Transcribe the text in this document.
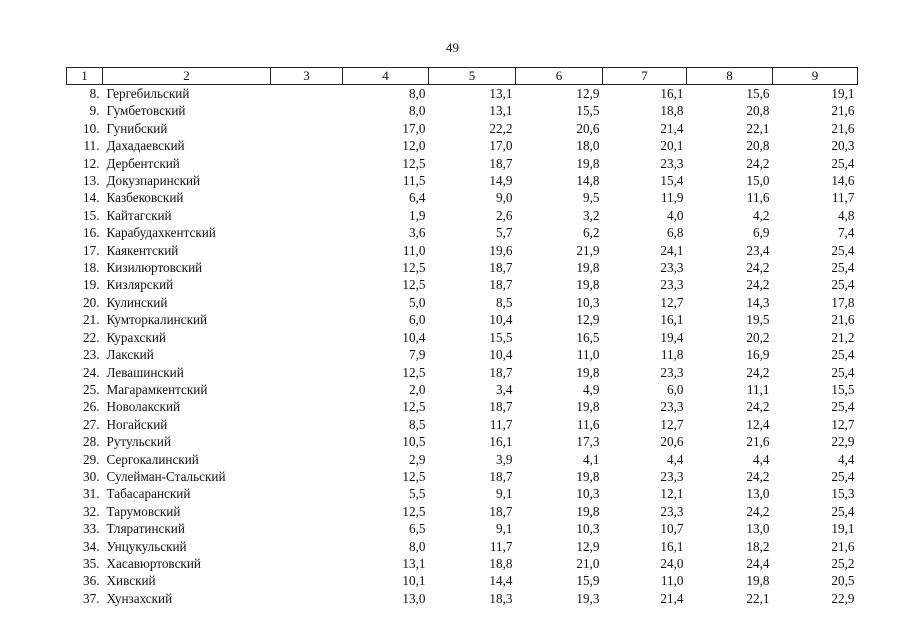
49
1	2	3	4	5	6	7	8	9
8.	Гергебильский		8,0	13,1	12,9	16,1	15,6	19,1
9.	Гумбетовский		8,0	13,1	15,5	18,8	20,8	21,6
10.	Гунибский		17,0	22,2	20,6	21,4	22,1	21,6
11.	Дахадаевский		12,0	17,0	18,0	20,1	20,8	20,3
12.	Дербентский		12,5	18,7	19,8	23,3	24,2	25,4
13.	Докузпаринский		11,5	14,9	14,8	15,4	15,0	14,6
14.	Казбековский		6,4	9,0	9,5	11,9	11,6	11,7
15.	Кайтагский		1,9	2,6	3,2	4,0	4,2	4,8
16.	Карабудахкентский		3,6	5,7	6,2	6,8	6,9	7,4
17.	Каякентский		11,0	19,6	21,9	24,1	23,4	25,4
18.	Кизилюртовский		12,5	18,7	19,8	23,3	24,2	25,4
19.	Кизлярский		12,5	18,7	19,8	23,3	24,2	25,4
20.	Кулинский		5,0	8,5	10,3	12,7	14,3	17,8
21.	Кумторкалинский		6,0	10,4	12,9	16,1	19,5	21,6
22.	Курахский		10,4	15,5	16,5	19,4	20,2	21,2
23.	Лакский		7,9	10,4	11,0	11,8	16,9	25,4
24.	Левашинский		12,5	18,7	19,8	23,3	24,2	25,4
25.	Магарамкентский		2,0	3,4	4,9	6,0	11,1	15,5
26.	Новолакский		12,5	18,7	19,8	23,3	24,2	25,4
27.	Ногайский		8,5	11,7	11,6	12,7	12,4	12,7
28.	Рутульский		10,5	16,1	17,3	20,6	21,6	22,9
29.	Сергокалинский		2,9	3,9	4,1	4,4	4,4	4,4
30.	Сулейман-Стальский		12,5	18,7	19,8	23,3	24,2	25,4
31.	Табасаранский		5,5	9,1	10,3	12,1	13,0	15,3
32.	Тарумовский		12,5	18,7	19,8	23,3	24,2	25,4
33.	Тляратинский		6,5	9,1	10,3	10,7	13,0	19,1
34.	Унцукульский		8,0	11,7	12,9	16,1	18,2	21,6
35.	Хасавюртовский		13,1	18,8	21,0	24,0	24,4	25,2
36.	Хивский		10,1	14,4	15,9	11,0	19,8	20,5
37.	Хунзахский		13,0	18,3	19,3	21,4	22,1	22,9
